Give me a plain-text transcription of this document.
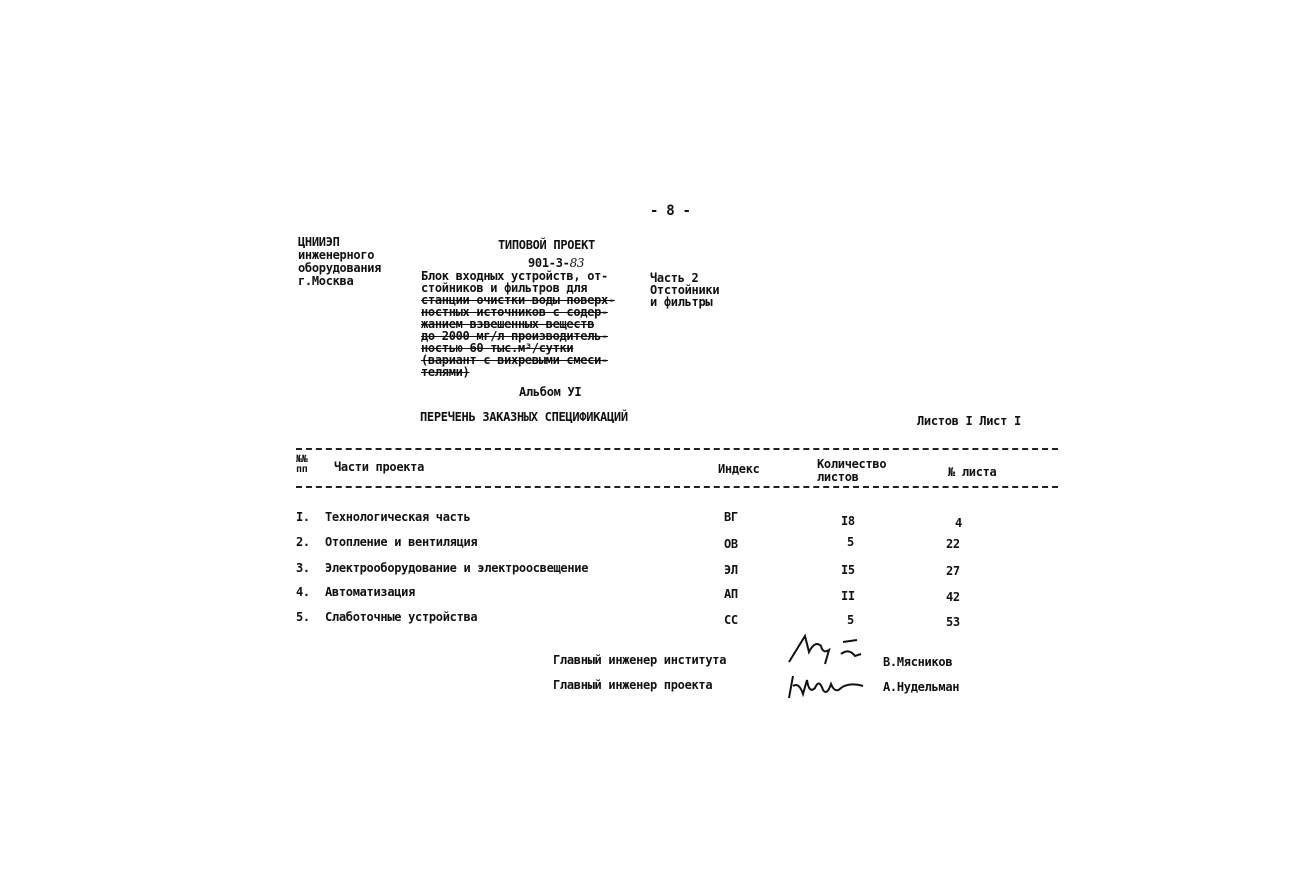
- 8 -
ЦНИИЭП
инженерного
оборудования
г.Москва
ТИПОВОЙ ПРОЕКТ
901-3-83
Блок входных устройств, от-
стойников и фильтров для
станции очистки воды поверх-
ностных источников с содер-
жанием взвешенных веществ
до 2000 мг/л производитель-
ностью 60 тыс.м³/сутки
(вариант с вихревыми смеси-
телями)
Часть 2
Отстойники
и фильтры
Альбом УI
ПЕРЕЧЕНЬ ЗАКАЗНЫХ СПЕЦИФИКАЦИЙ	Листов I Лист I
№№
пп Части проекта	Индекс	Количество
листов	№ листа
I. Технологическая часть	ВГ	I8	4
2. Отопление и вентиляция	ОВ	5	22
3. Электрооборудование и электроосвещение	ЭЛ	I5	27
4. Автоматизация	АП	II	42
5. Слаботочные устройства	СС	5	53
Главный инженер института	В.Мясников
Главный инженер проекта	А.Нудельман
